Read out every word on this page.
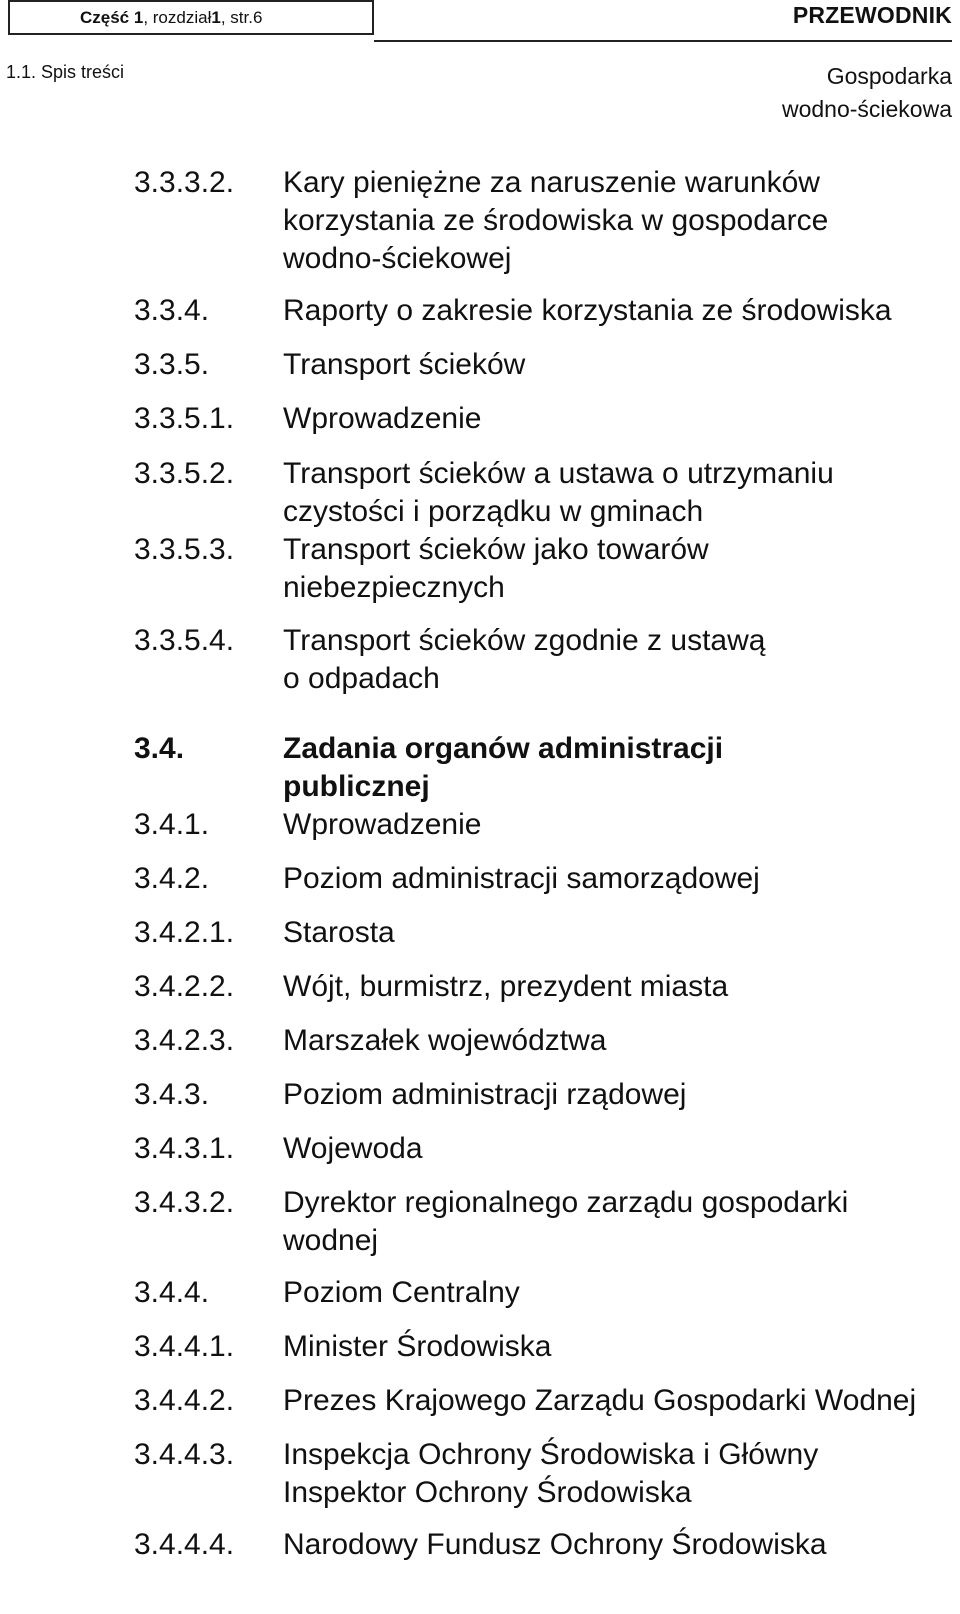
Część 1 , rozdział 1 , str. 6	PRZEWODNIK
1.1. Spis treści	Gospodarka
wodno-ściekowa
3.3.3.2. Kary pieniężne za naruszenie warunków
korzystania ze środowiska w gospodarce
wodno-ściekowej
3.3.4. Raporty o zakresie korzystania ze środowiska
3.3.5. Transport ścieków
3.3.5.1. Wprowadzenie
3.3.5.2. Transport ścieków a ustawa o utrzymaniu
czystości i porządku w gminach
3.3.5.3. Transport ścieków jako towarów
niebezpiecznych
3.3.5.4. Transport ścieków zgodnie z ustawą
o odpadach
3.4.	Zadania organów administracji
publicznej
3.4.1. Wprowadzenie
3.4.2. Poziom administracji samorządowej
3.4.2.1. Starosta
3.4.2.2. Wójt, burmistrz, prezydent miasta
3.4.2.3. Marszałek województwa
3.4.3. Poziom administracji rządowej
3.4.3.1. Wojewoda
3.4.3.2. Dyrektor regionalnego zarządu gospodarki
wodnej
3.4.4. Poziom Centralny
3.4.4.1. Minister Środowiska
3.4.4.2. Prezes Krajowego Zarządu Gospodarki Wodnej
3.4.4.3. Inspekcja Ochrony Środowiska i Główny
Inspektor Ochrony Środowiska
3.4.4.4. Narodowy Fundusz Ochrony Środowiska
